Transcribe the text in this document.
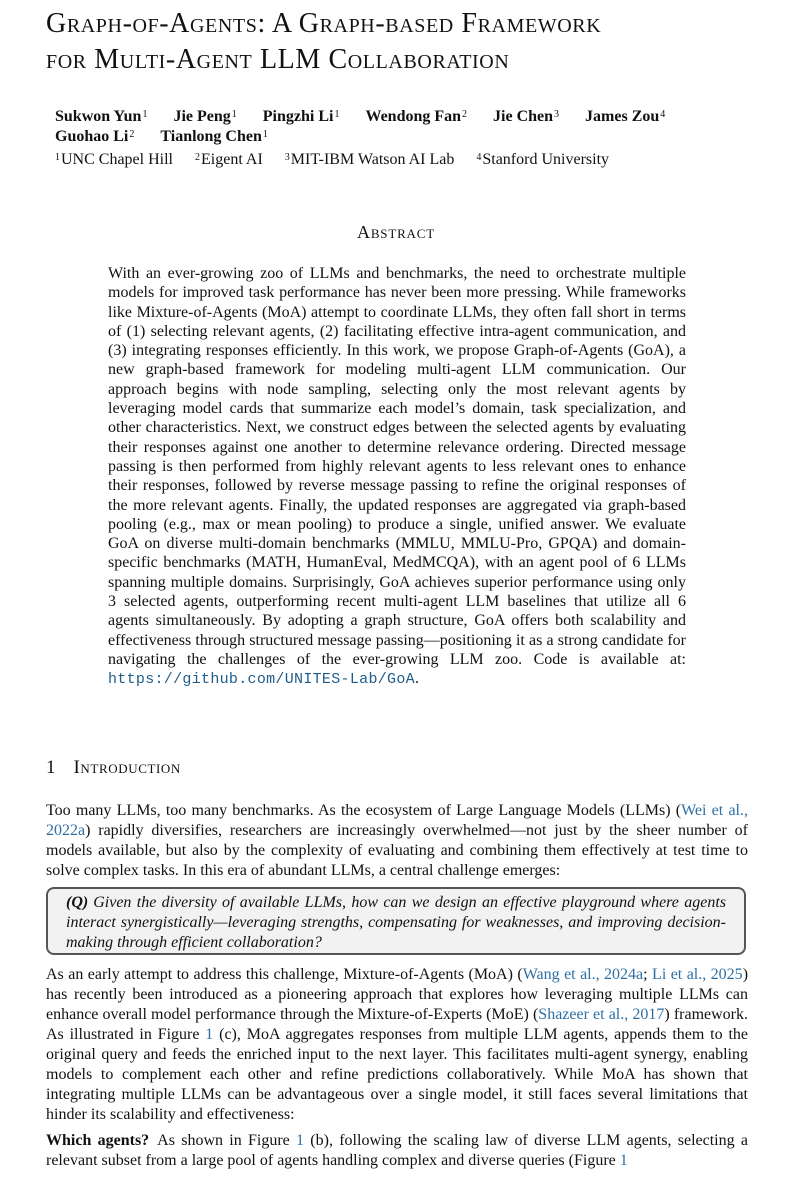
Graph-of-Agents: A Graph-based Framework
for Multi-Agent LLM Collaboration
Sukwon Yun$^1$ Jie Peng$^1$ Pingzhi Li$^1$ Wendong Fan$^2$ Jie Chen$^3$ James Zou$^4$
Guohao Li$^2$ Tianlong Chen$^1$
$^1$UNC Chapel Hill $^2$Eigent AI $^3$MIT-IBM Watson AI Lab $^4$Stanford University
Abstract

With an ever-growing zoo of LLMs and benchmarks, the need to orchestrate multiple models for improved task performance has never been more pressing. While frameworks like Mixture-of-Agents (MoA) attempt to coordinate LLMs, they often fall short in terms of (1) selecting relevant agents, (2) facilitating effective intra-agent communication, and (3) integrating responses efficiently. In this work, we propose Graph-of-Agents (GoA), a new graph-based framework for modeling multi-agent LLM communication. Our approach begins with node sampling, selecting only the most relevant agents by leveraging model cards that summarize each model’s domain, task specialization, and other characteristics. Next, we construct edges between the selected agents by evaluating their responses against one another to determine relevance ordering. Directed message passing is then performed from highly relevant agents to less relevant ones to enhance their responses, followed by reverse message passing to refine the original responses of the more relevant agents. Finally, the updated responses are aggregated via graph-based pooling (e.g., max or mean pooling) to produce a single, unified answer. We evaluate GoA on diverse multi-domain benchmarks (MMLU, MMLU-Pro, GPQA) and domain-specific benchmarks (MATH, HumanEval, MedMCQA), with an agent pool of 6 LLMs spanning multiple domains. Surprisingly, GoA achieves superior performance using only 3 selected agents, outperforming recent multi-agent LLM baselines that utilize all 6 agents simultaneously. By adopting a graph structure, GoA offers both scalability and effectiveness through structured message passing—positioning it as a strong candidate for navigating the challenges of the ever-growing LLM zoo. Code is available at: https://github.com/UNITES-Lab/GoA.

1 Introduction

Too many LLMs, too many benchmarks. As the ecosystem of Large Language Models (LLMs) (Wei et al., 2022a) rapidly diversifies, researchers are increasingly overwhelmed—not just by the sheer number of models available, but also by the complexity of evaluating and combining them effectively at test time to solve complex tasks. In this era of abundant LLMs, a central challenge emerges:

(Q) Given the diversity of available LLMs, how can we design an effective playground where agents interact synergistically—leveraging strengths, compensating for weaknesses, and improving decision-making through efficient collaboration?

As an early attempt to address this challenge, Mixture-of-Agents (MoA) (Wang et al., 2024a; Li et al., 2025) has recently been introduced as a pioneering approach that explores how leveraging multiple LLMs can enhance overall model performance through the Mixture-of-Experts (MoE) (Shazeer et al., 2017) framework. As illustrated in Figure 1 (c), MoA aggregates responses from multiple LLM agents, appends them to the original query and feeds the enriched input to the next layer. This facilitates multi-agent synergy, enabling models to complement each other and refine predictions collaboratively. While MoA has shown that integrating multiple LLMs can be advantageous over a single model, it still faces several limitations that hinder its scalability and effectiveness:

Which agents? As shown in Figure 1 (b), following the scaling law of diverse LLM agents, selecting a relevant subset from a large pool of agents handling complex and diverse queries (Figure 1
